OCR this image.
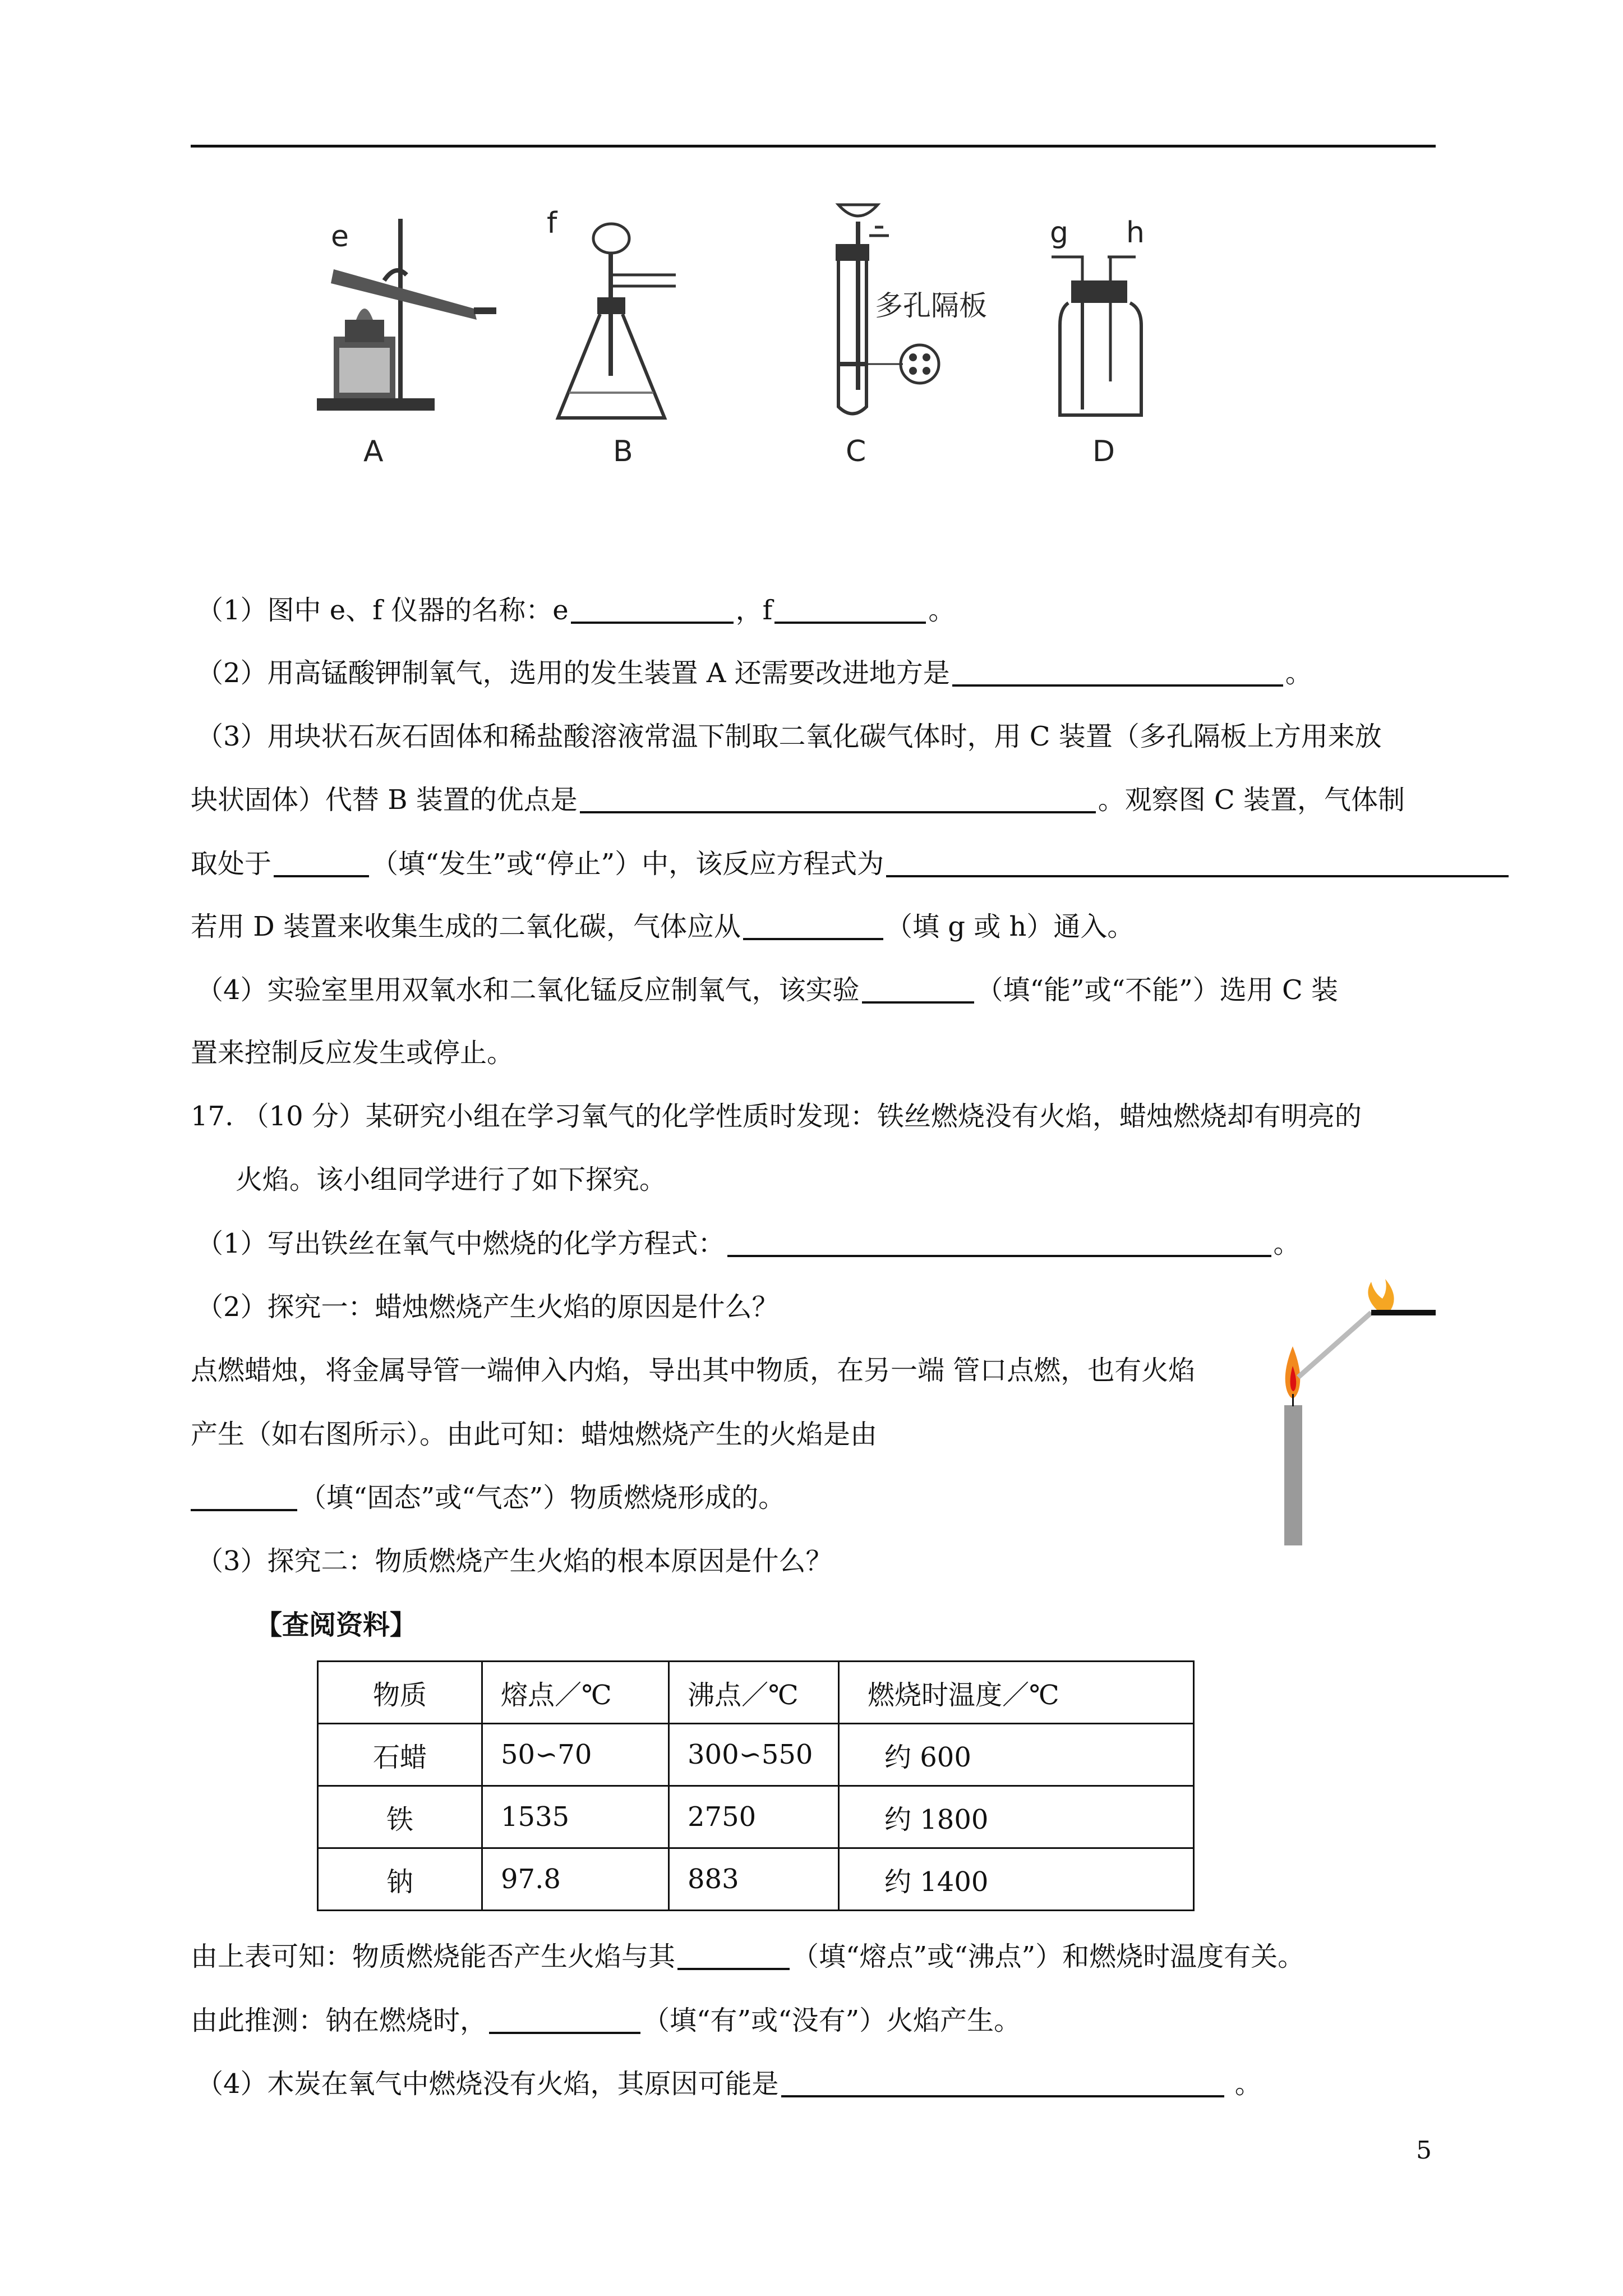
e
A
f
B
多孔隔板
C
g h
D
（1）图中 e、f 仪器的名称：e	，f	。
（2）用高锰酸钾制氧气，选用的发生装置 A 还需要改进地方是	。
（3）用块状石灰石固体和稀盐酸溶液常温下制取二氧化碳气体时，用 C 装置（多孔隔板上方用来放
块状固体）代替 B 装置的优点是	。观察图 C 装置，气体制
取处于	（填“发生”或“停止”）中，该反应方程式为
若用 D 装置来收集生成的二氧化碳，气体应从	（填 g 或 h）通入。
（4）实验室里用双氧水和二氧化锰反应制氧气，该实验	（填“能”或“不能”）选用 C 装
置来控制反应发生或停止。
17. （10 分）某研究小组在学习氧气的化学性质时发现：铁丝燃烧没有火焰，蜡烛燃烧却有明亮的
火焰。该小组同学进行了如下探究。
（1）写出铁丝在氧气中燃烧的化学方程式：	。
（2）探究一：蜡烛燃烧产生火焰的原因是什么？
点燃蜡烛，将金属导管一端伸入内焰，导出其中物质，在另一端 管口点燃，也有火焰
产生（如右图所示）。由此可知：蜡烛燃烧产生的火焰是由
（填“固态”或“气态”）物质燃烧形成的。
（3）探究二：物质燃烧产生火焰的根本原因是什么？
【查阅资料】
物质	熔点／℃	沸点／℃	燃烧时温度／℃
石蜡	50∽70	300∽550	约 600
铁	1535	2750	约 1800
钠	97.8	883	约 1400
由上表可知：物质燃烧能否产生火焰与其	（填“熔点”或“沸点”）和燃烧时温度有关。
由此推测：钠在燃烧时，	（填“有”或“没有”）火焰产生。
（4）木炭在氧气中燃烧没有火焰，其原因可能是	。
5
